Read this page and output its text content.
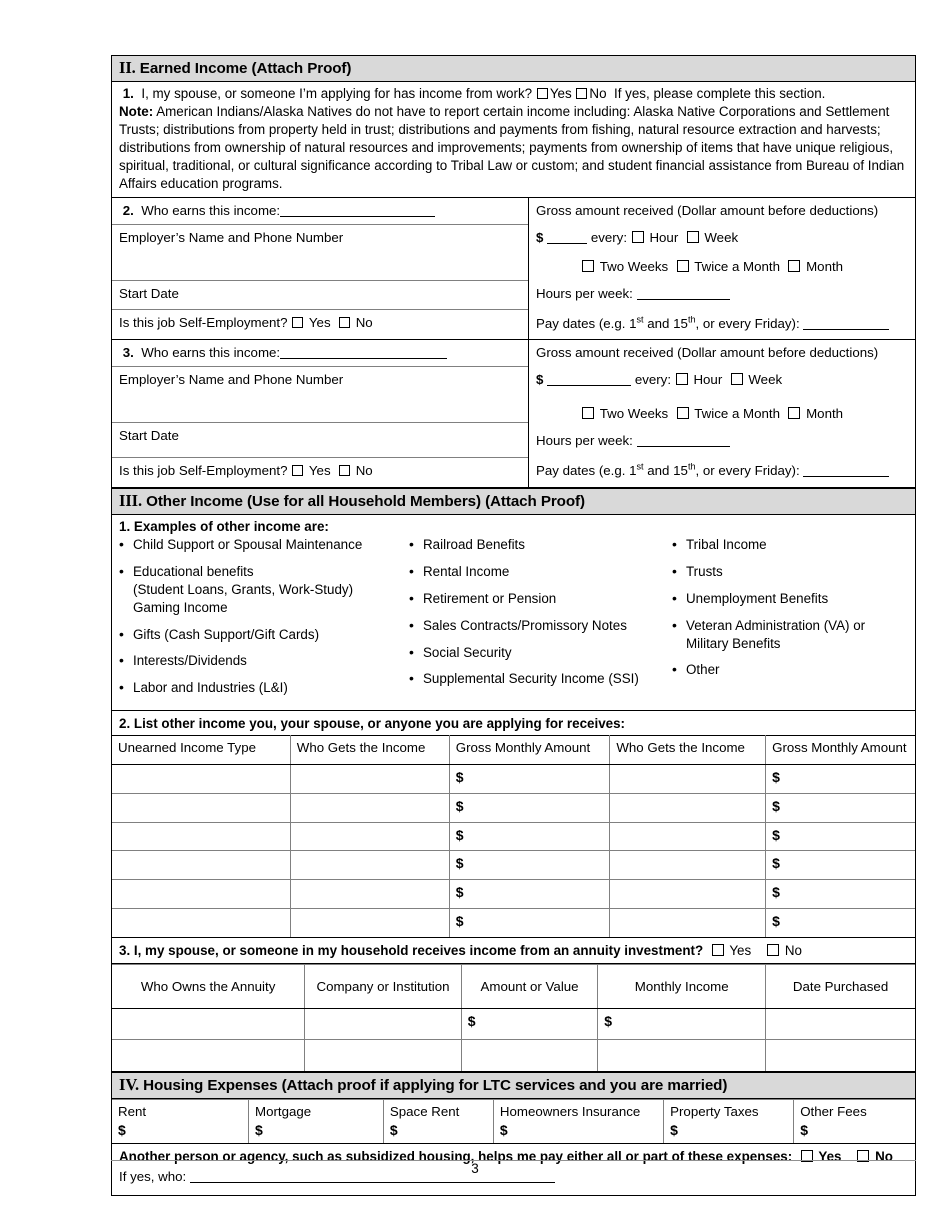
II. Earned Income (Attach Proof)
1. I, my spouse, or someone I’m applying for has income from work? Yes No If yes, please complete this section.
Note: American Indians/Alaska Natives do not have to report certain income including: Alaska Native Corporations and Settlement Trusts; distributions from property held in trust; distributions and payments from fishing, natural resource extraction and harvests; distributions from ownership of natural resources and improvements; payments from ownership of items that have unique religious, spiritual, traditional, or cultural significance according to Tribal Law or custom; and student financial assistance from Bureau of Indian Affairs education programs.
2. Who earns this income:
Employer’s Name and Phone Number
Start Date
Is this job Self-Employment? Yes No
Gross amount received (Dollar amount before deductions)
$	every: Hour Week
Two Weeks Twice a Month Month
Hours per week:
Pay dates (e.g. 1st and 15th, or every Friday):
3. Who earns this income:
Employer’s Name and Phone Number
Start Date
Is this job Self-Employment? Yes No
Gross amount received (Dollar amount before deductions)
$	every: Hour Week
Two Weeks Twice a Month Month
Hours per week:
Pay dates (e.g. 1st and 15th, or every Friday):
III. Other Income (Use for all Household Members) (Attach Proof)
1. Examples of other income are:
• Child Support or Spousal Maintenance
• Educational benefits
(Student Loans, Grants, Work-Study)
Gaming Income
• Gifts (Cash Support/Gift Cards)
• Interests/Dividends
• Labor and Industries (L&I)
• Railroad Benefits
• Rental Income
• Retirement or Pension
• Sales Contracts/Promissory Notes
• Social Security
• Supplemental Security Income (SSI)
• Tribal Income
• Trusts
• Unemployment Benefits
• Veteran Administration (VA) or
Military Benefits
• Other
2. List other income you, your spouse, or anyone you are applying for receives:
Unearned Income Type	Who Gets the Income	Gross Monthly Amount	Who Gets the Income	Gross Monthly Amount
		$		$
		$		$
		$		$
		$		$
		$		$
		$		$
3. I, my spouse, or someone in my household receives income from an annuity investment? Yes	No
Who Owns the Annuity	Company or Institution	Amount or Value	Monthly Income	Date Purchased
		$	$	

IV. Housing Expenses (Attach proof if applying for LTC services and you are married)
Rent
$

Mortgage
$

Space Rent
$

Homeowners Insurance
$

Property Taxes
$

Other Fees
$
Another person or agency, such as subsidized housing, helps me pay either all or part of these expenses: Yes	No
If yes, who:
3
